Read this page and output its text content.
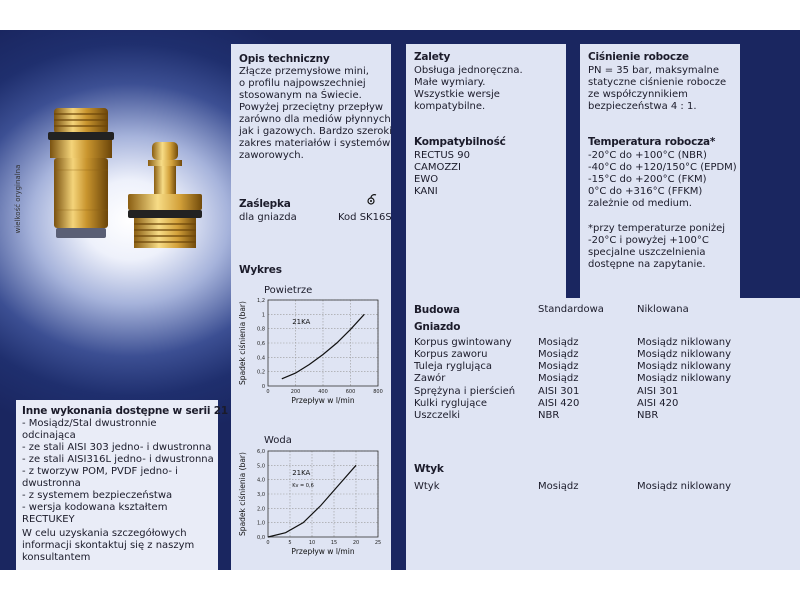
wielkość oryginalna
Opis techniczny
Złącze przemysłowe mini,
o profilu najpowszechniej
stosowanym na Świecie.
Powyżej przeciętny przepływ
zarówno dla mediów płynnych
jak i gazowych. Bardzo szeroki
zakres materiałów i systemów
zaworowych.
Zaślepka
dla gniazda	Kod SK16S
Wykres
Powietrze
0
0,2
0,4
0,6
0,8
1
1,2
0	200	400	600	800
21KA
Przepływ w l/min
Spadek ciśnienia (bar)
Woda
0,0
1,0
2,0
3,0
4,0
5,0
6,0
0	5	10	15	20	25
21KA
Kv = 0,6
Przepływ w l/min
Spadek ciśnienia (bar)
Inne wykonania dostępne w serii 21
- Mosiądz/Stal dwustronnie
odcinająca
- ze stali AISI 303 jedno- i dwustronna
- ze stali AISI316L jedno- i dwustronna
- z tworzyw POM, PVDF jedno- i
dwustronna
- z systemem bezpieczeństwa
- wersja kodowana kształtem
RECTUKEY
W celu uzyskania szczegółowych
informacji skontaktuj się z naszym
konsultantem
Zalety
Obsługa jednoręczna.
Małe wymiary.
Wszystkie wersje
kompatybilne.
Kompatybilność
RECTUS 90
CAMOZZI
EWO
KANI
Ciśnienie robocze
PN = 35 bar, maksymalne
statyczne ciśnienie robocze
ze współczynnikiem
bezpieczeństwa 4 : 1.
Temperatura robocza*
-20°C do +100°C (NBR)
-40°C do +120/150°C (EPDM)
-15°C do +200°C (FKM)
0°C do +316°C (FFKM)
zależnie od medium.
*przy temperaturze poniżej
-20°C i powyżej +100°C
specjalne uszczelnienia
dostępne na zapytanie.
Budowa	Standardowa	Niklowana
Gniazdo
Korpus gwintowany	Mosiądz	Mosiądz niklowany
Korpus zaworu	Mosiądz	Mosiądz niklowany
Tuleja ryglująca	Mosiądz	Mosiądz niklowany
Zawór	Mosiądz	Mosiądz niklowany
Sprężyna i pierścień AISI 301	AISI 301
Kulki ryglujące	AISI 420	AISI 420
Uszczelki	NBR	NBR
Wtyk
Wtyk	Mosiądz	Mosiądz niklowany
